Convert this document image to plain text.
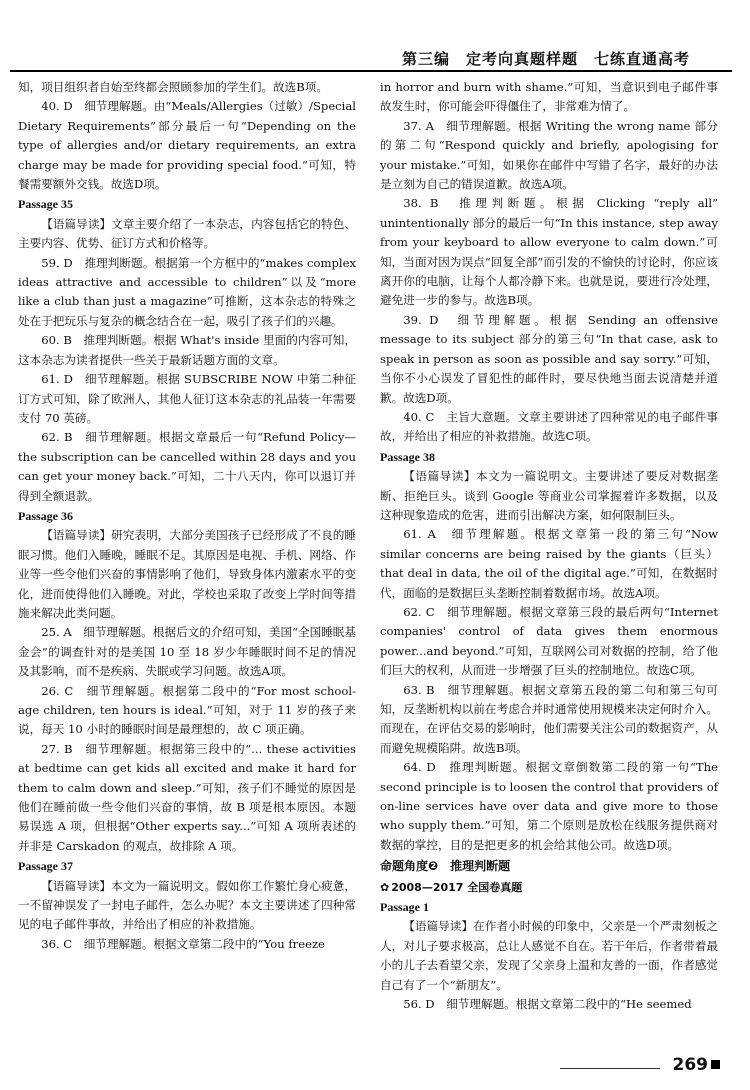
第三编　定考向真题样题　七练直通高考

知，项目组织者自始至终都会照顾参加的学生们。故选B项。

40. D　细节理解题。由“Meals/Allergies（过敏）/Special Dietary Requirements”部分最后一句“Depending on the type of allergies and/or dietary requirements, an extra charge may be made for providing special food.”可知，特餐需要额外交钱。故选D项。

Passage 35

【语篇导读】文章主要介绍了一本杂志，内容包括它的特色、主要内容、优势、征订方式和价格等。

59. D　推理判断题。根据第一个方框中的“makes complex ideas attractive and accessible to children”以及“more like a club than just a magazine”可推断，这本杂志的特殊之处在于把玩乐与复杂的概念结合在一起，吸引了孩子们的兴趣。

60. B　推理判断题。根据 What's inside 里面的内容可知，这本杂志为读者提供一些关于最新话题方面的文章。

61. D　细节理解题。根据 SUBSCRIBE NOW 中第二种征订方式可知，除了欧洲人，其他人征订这本杂志的礼品装一年需要支付 70 英磅。

62. B　细节理解题。根据文章最后一句“Refund Policy—the subscription can be cancelled within 28 days and you can get your money back.”可知，二十八天内，你可以退订并得到全额退款。

Passage 36

【语篇导读】研究表明，大部分美国孩子已经形成了不良的睡眠习惯。他们入睡晚，睡眠不足。其原因是电视、手机、网络、作业等一些令他们兴奋的事情影响了他们，导致身体内激素水平的变化，进而使得他们入睡晚。对此，学校也采取了改变上学时间等措施来解决此类问题。

25. A　细节理解题。根据后文的介绍可知，美国“全国睡眠基金会”的调查针对的是美国 10 至 18 岁少年睡眠时间不足的情况及其影响，而不是疾病、失眠或学习问题。故选A项。

26. C　细节理解题。根据第二段中的“For most school-age children, ten hours is ideal.”可知，对于 11 岁的孩子来说，每天 10 小时的睡眠时间是最理想的，故 C 项正确。

27. B　细节理解题。根据第三段中的“... these activities at bedtime can get kids all excited and make it hard for them to calm down and sleep.”可知，孩子们不睡觉的原因是他们在睡前做一些令他们兴奋的事情，故 B 项是根本原因。本题易误选 A 项，但根据“Other experts say...”可知 A 项所表述的并非是 Carskadon 的观点，故排除 A 项。

Passage 37

【语篇导读】本文为一篇说明文。假如你工作繁忙身心疲惫，一不留神误发了一封电子邮件，怎么办呢？本文主要讲述了四种常见的电子邮件事故，并给出了相应的补救措施。

36. C　细节理解题。根据文章第二段中的“You freeze

in horror and burn with shame.”可知，当意识到电子邮件事故发生时，你可能会吓得僵住了，非常难为情了。

37. A　细节理解题。根据 Writing the wrong name 部分的第二句“Respond quickly and briefly, apologising for your mistake.”可知，如果你在邮件中写错了名字，最好的办法是立刻为自己的错误道歉。故选A项。

38. B　推理判断题。根据 Clicking “reply all” unintentionally 部分的最后一句“In this instance, step away from your keyboard to allow everyone to calm down.”可知，当面对因为误点“回复全部”而引发的不愉快的讨论时，你应该离开你的电脑，让每个人都冷静下来。也就是说，要进行冷处理，避免进一步的参与。故选B项。

39. D　细节理解题。根据 Sending an offensive message to its subject 部分的第三句“In that case, ask to speak in person as soon as possible and say sorry.”可知，当你不小心误发了冒犯性的邮件时，要尽快地当面去说清楚并道歉。故选D项。

40. C　主旨大意题。文章主要讲述了四种常见的电子邮件事故，并给出了相应的补救措施。故选C项。

Passage 38

【语篇导读】本文为一篇说明文。主要讲述了要反对数据垄断、拒绝巨头。谈到 Google 等商业公司掌握着许多数据，以及这种现象造成的危害，进而引出解决方案，如何限制巨头。

61. A　细节理解题。根据文章第一段的第三句“Now similar concerns are being raised by the giants（巨头） that deal in data, the oil of the digital age.”可知，在数据时代，面临的是数据巨头垄断控制着数据市场。故选A项。

62. C　细节理解题。根据文章第三段的最后两句“Internet companies' control of data gives them enormous power...and beyond.”可知，互联网公司对数据的控制，给了他们巨大的权利，从而进一步增强了巨头的控制地位。故选C项。

63. B　细节理解题。根据文章第五段的第二句和第三句可知，反垄断机构以前在考虑合并时通常使用规模来决定何时介入。而现在，在评估交易的影响时，他们需要关注公司的数据资产，从而避免规模陷阱。故选B项。

64. D　推理判断题。根据文章倒数第二段的第一句“The second principle is to loosen the control that providers of on-line services have over data and give more to those who supply them.”可知，第二个原则是放松在线服务提供商对数据的掌控，目的是把更多的机会给其他公司。故选D项。

命题角度❷　推理判断题
✿ 2008—2017 全国卷真题
Passage 1

【语篇导读】在作者小时候的印象中，父亲是一个严肃刻板之人，对儿子要求极高，总让人感觉不自在。若干年后，作者带着最小的儿子去看望父亲，发现了父亲身上温和友善的一面，作者感觉自己有了一个“新朋友”。

56. D　细节理解题。根据文章第二段中的“He seemed

269
